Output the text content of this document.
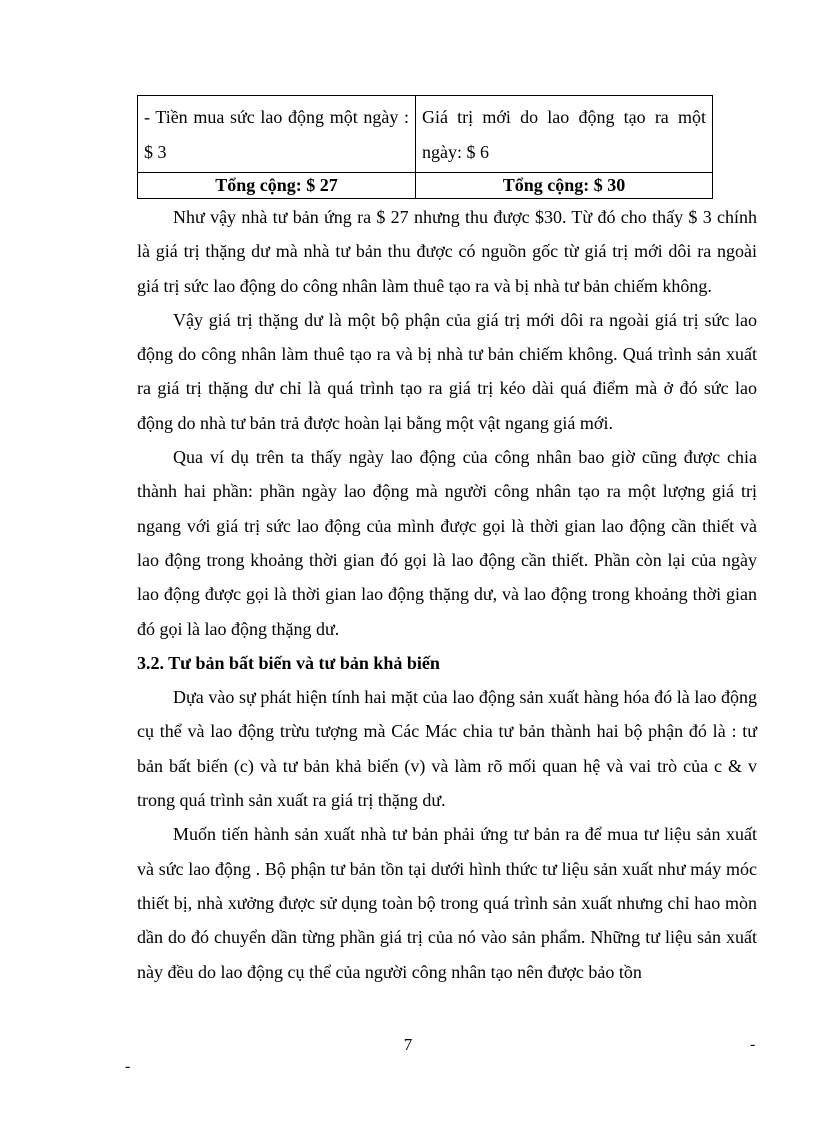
- Tiền mua sức lao động một ngày : $ 3	Giá trị mới do lao động tạo ra một ngày: $ 6
Tổng cộng: $ 27	Tổng cộng: $ 30

Như vậy nhà tư bản ứng ra $ 27 nhưng thu được $30. Từ đó cho thấy $ 3 chính là giá trị thặng dư mà nhà tư bản thu được có nguồn gốc từ giá trị mới dôi ra ngoài giá trị sức lao động do công nhân làm thuê tạo ra và bị nhà tư bản chiếm không.

Vậy giá trị thặng dư là một bộ phận của giá trị mới dôi ra ngoài giá trị sức lao động do công nhân làm thuê tạo ra và bị nhà tư bản chiếm không. Quá trình sản xuất ra giá trị thặng dư chỉ là quá trình tạo ra giá trị kéo dài quá điểm mà ở đó sức lao động do nhà tư bản trả được hoàn lại bằng một vật ngang giá mới.

Qua ví dụ trên ta thấy ngày lao động của công nhân bao giờ cũng được chia thành hai phần: phần ngày lao động mà người công nhân tạo ra một lượng giá trị ngang với giá trị sức lao động của mình được gọi là thời gian lao động cần thiết và lao động trong khoảng thời gian đó gọi là lao động cần thiết. Phần còn lại của ngày lao động được gọi là thời gian lao động thặng dư, và lao động trong khoảng thời gian đó gọi là lao động thặng dư.

3.2. Tư bản bất biến và tư bản khả biến

Dựa vào sự phát hiện tính hai mặt của lao động sản xuất hàng hóa đó là lao động cụ thể và lao động trừu tượng mà Các Mác chia tư bản thành hai bộ phận đó là : tư bản bất biến (c) và tư bản khả biến (v) và làm rõ mối quan hệ và vai trò của c & v trong quá trình sản xuất ra giá trị thặng dư.

Muốn tiến hành sản xuất nhà tư bản phải ứng tư bản ra để mua tư liệu sản xuất và sức lao động . Bộ phận tư bản tồn tại dưới hình thức tư liệu sản xuất như máy móc thiết bị, nhà xưởng được sử dụng toàn bộ trong quá trình sản xuất nhưng chỉ hao mòn dần do đó chuyển dần từng phần giá trị của nó vào sản phẩm. Những tư liệu sản xuất này đều do lao động cụ thể của người công nhân tạo nên được bảo tồn

7	-
-
